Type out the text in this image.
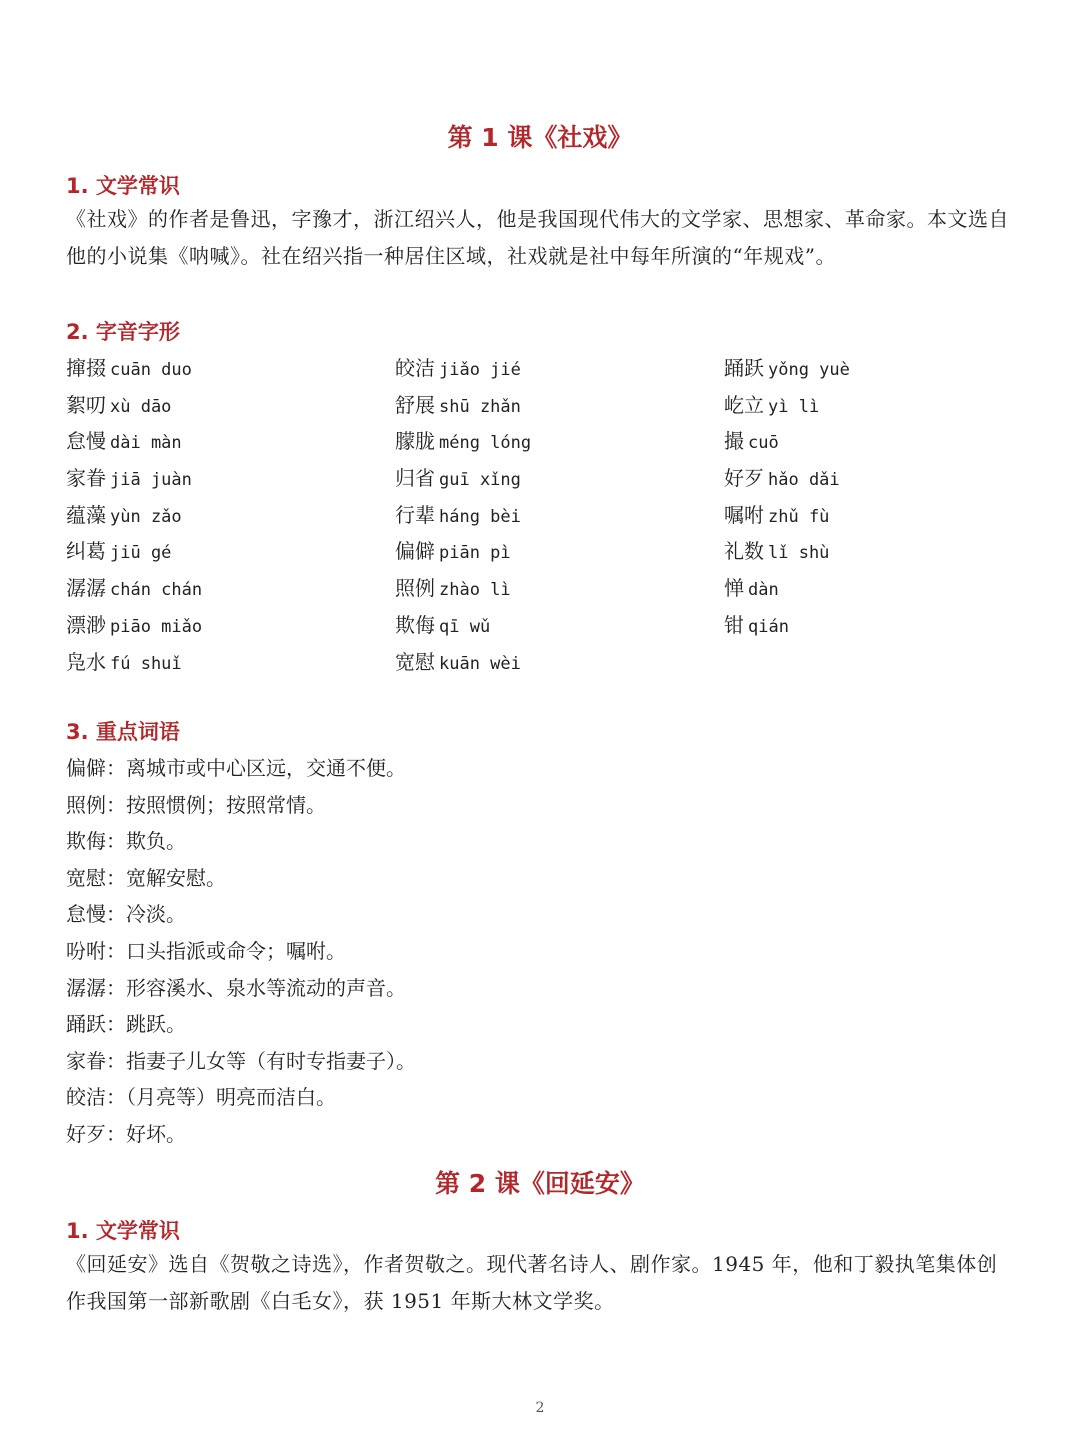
第 1 课《社戏》
1. 文学常识
《社戏》的作者是鲁迅，字豫才，浙江绍兴人，他是我国现代伟大的文学家、思想家、革命家。本文选自他的小说集《呐喊》。社在绍兴指一种居住区域，社戏就是社中每年所演的“年规戏”。
2. 字音字形
撺掇 cuān duo
絮叨 xù dāo
怠慢 dài màn
家眷 jiā juàn
蕴藻 yùn zǎo
纠葛 jiū gé
潺潺 chán chán
漂渺 piāo miǎo
凫水 fú shuǐ
皎洁 jiǎo jié
舒展 shū zhǎn
朦胧 méng lóng
归省 guī xǐng
行辈 háng bèi
偏僻 piān pì
照例 zhào lì
欺侮 qī wǔ
宽慰 kuān wèi
踊跃 yǒng yuè
屹立 yì lì
撮 cuō
好歹 hǎo dǎi
嘱咐 zhǔ fù
礼数 lǐ shù
惮 dàn
钳 qián
3. 重点词语
偏僻：离城市或中心区远，交通不便。
照例：按照惯例；按照常情。
欺侮：欺负。
宽慰：宽解安慰。
怠慢：冷淡。
吩咐：口头指派或命令；嘱咐。
潺潺：形容溪水、泉水等流动的声音。
踊跃：跳跃。
家眷：指妻子儿女等（有时专指妻子）。
皎洁：（月亮等）明亮而洁白。
好歹：好坏。
第 2 课《回延安》
1. 文学常识
《回延安》选自《贺敬之诗选》，作者贺敬之。现代著名诗人、剧作家。1945 年，他和丁毅执笔集体创作我国第一部新歌剧《白毛女》，获 1951 年斯大林文学奖。
2
